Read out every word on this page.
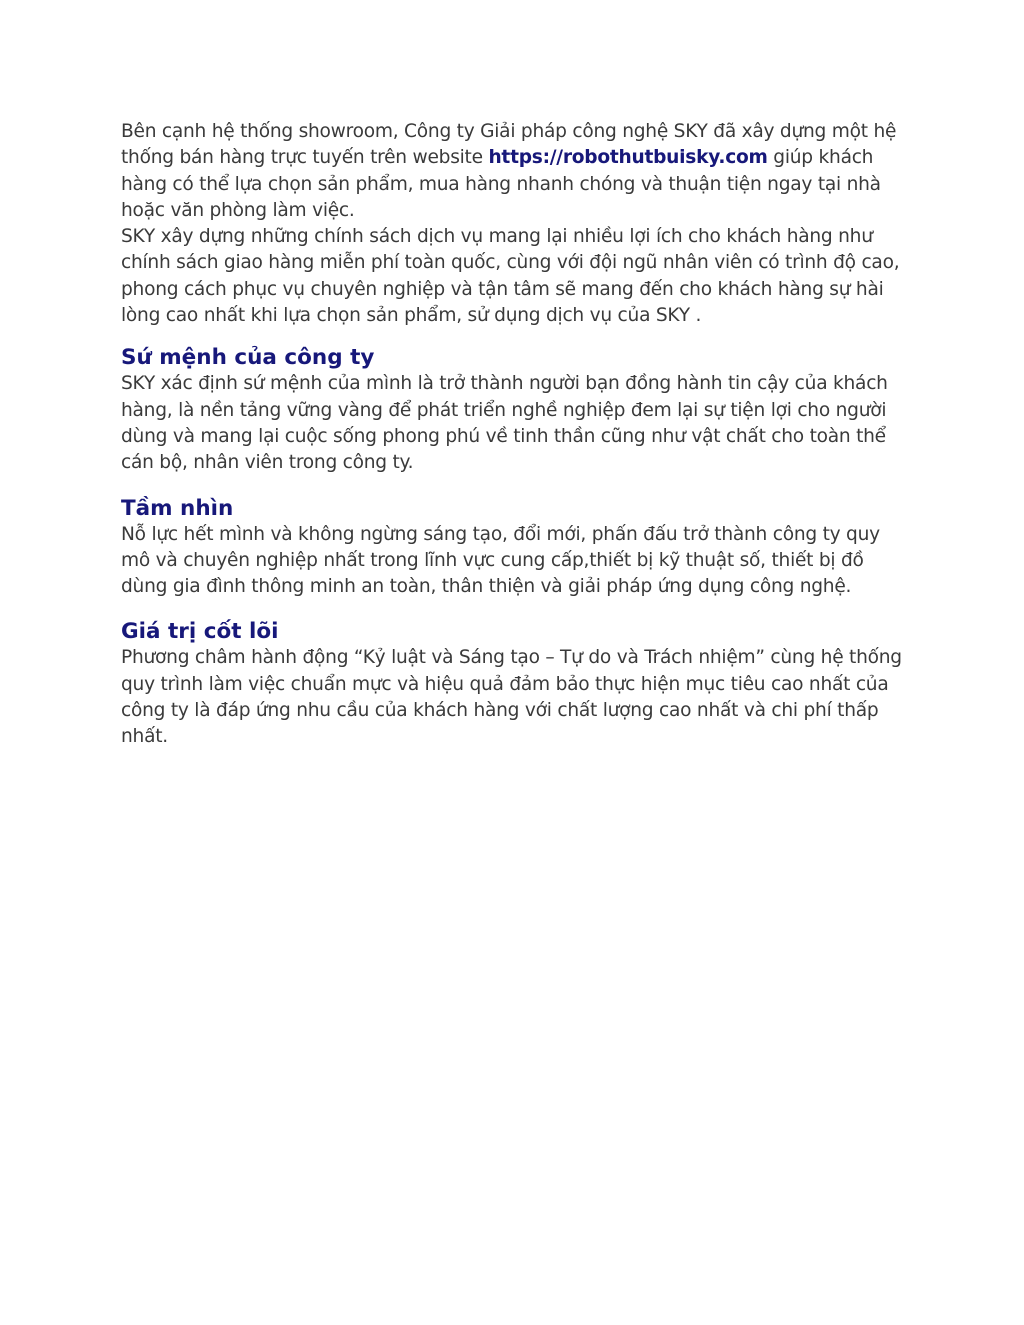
Bên cạnh hệ thống showroom, Công ty Giải pháp công nghệ SKY đã xây dựng một hệ thống bán hàng trực tuyến trên website https://robothutbuisky.com giúp khách hàng có thể lựa chọn sản phẩm, mua hàng nhanh chóng và thuận tiện ngay tại nhà hoặc văn phòng làm việc.

SKY xây dựng những chính sách dịch vụ mang lại nhiều lợi ích cho khách hàng như chính sách giao hàng miễn phí toàn quốc, cùng với đội ngũ nhân viên có trình độ cao, phong cách phục vụ chuyên nghiệp và tận tâm sẽ mang đến cho khách hàng sự hài lòng cao nhất khi lựa chọn sản phẩm, sử dụng dịch vụ của SKY .

Sứ mệnh của công ty

SKY xác định sứ mệnh của mình là trở thành người bạn đồng hành tin cậy của khách hàng, là nền tảng vững vàng để phát triển nghề nghiệp đem lại sự tiện lợi cho người dùng và mang lại cuộc sống phong phú về tinh thần cũng như vật chất cho toàn thể cán bộ, nhân viên trong công ty.

Tầm nhìn

Nỗ lực hết mình và không ngừng sáng tạo, đổi mới, phấn đấu trở thành công ty quy mô và chuyên nghiệp nhất trong lĩnh vực cung cấp,thiết bị kỹ thuật số, thiết bị đồ dùng gia đình thông minh an toàn, thân thiện và giải pháp ứng dụng công nghệ.

Giá trị cốt lõi

Phương châm hành động “Kỷ luật và Sáng tạo – Tự do và Trách nhiệm” cùng hệ thống quy trình làm việc chuẩn mực và hiệu quả đảm bảo thực hiện mục tiêu cao nhất của công ty là đáp ứng nhu cầu của khách hàng với chất lượng cao nhất và chi phí thấp nhất.
